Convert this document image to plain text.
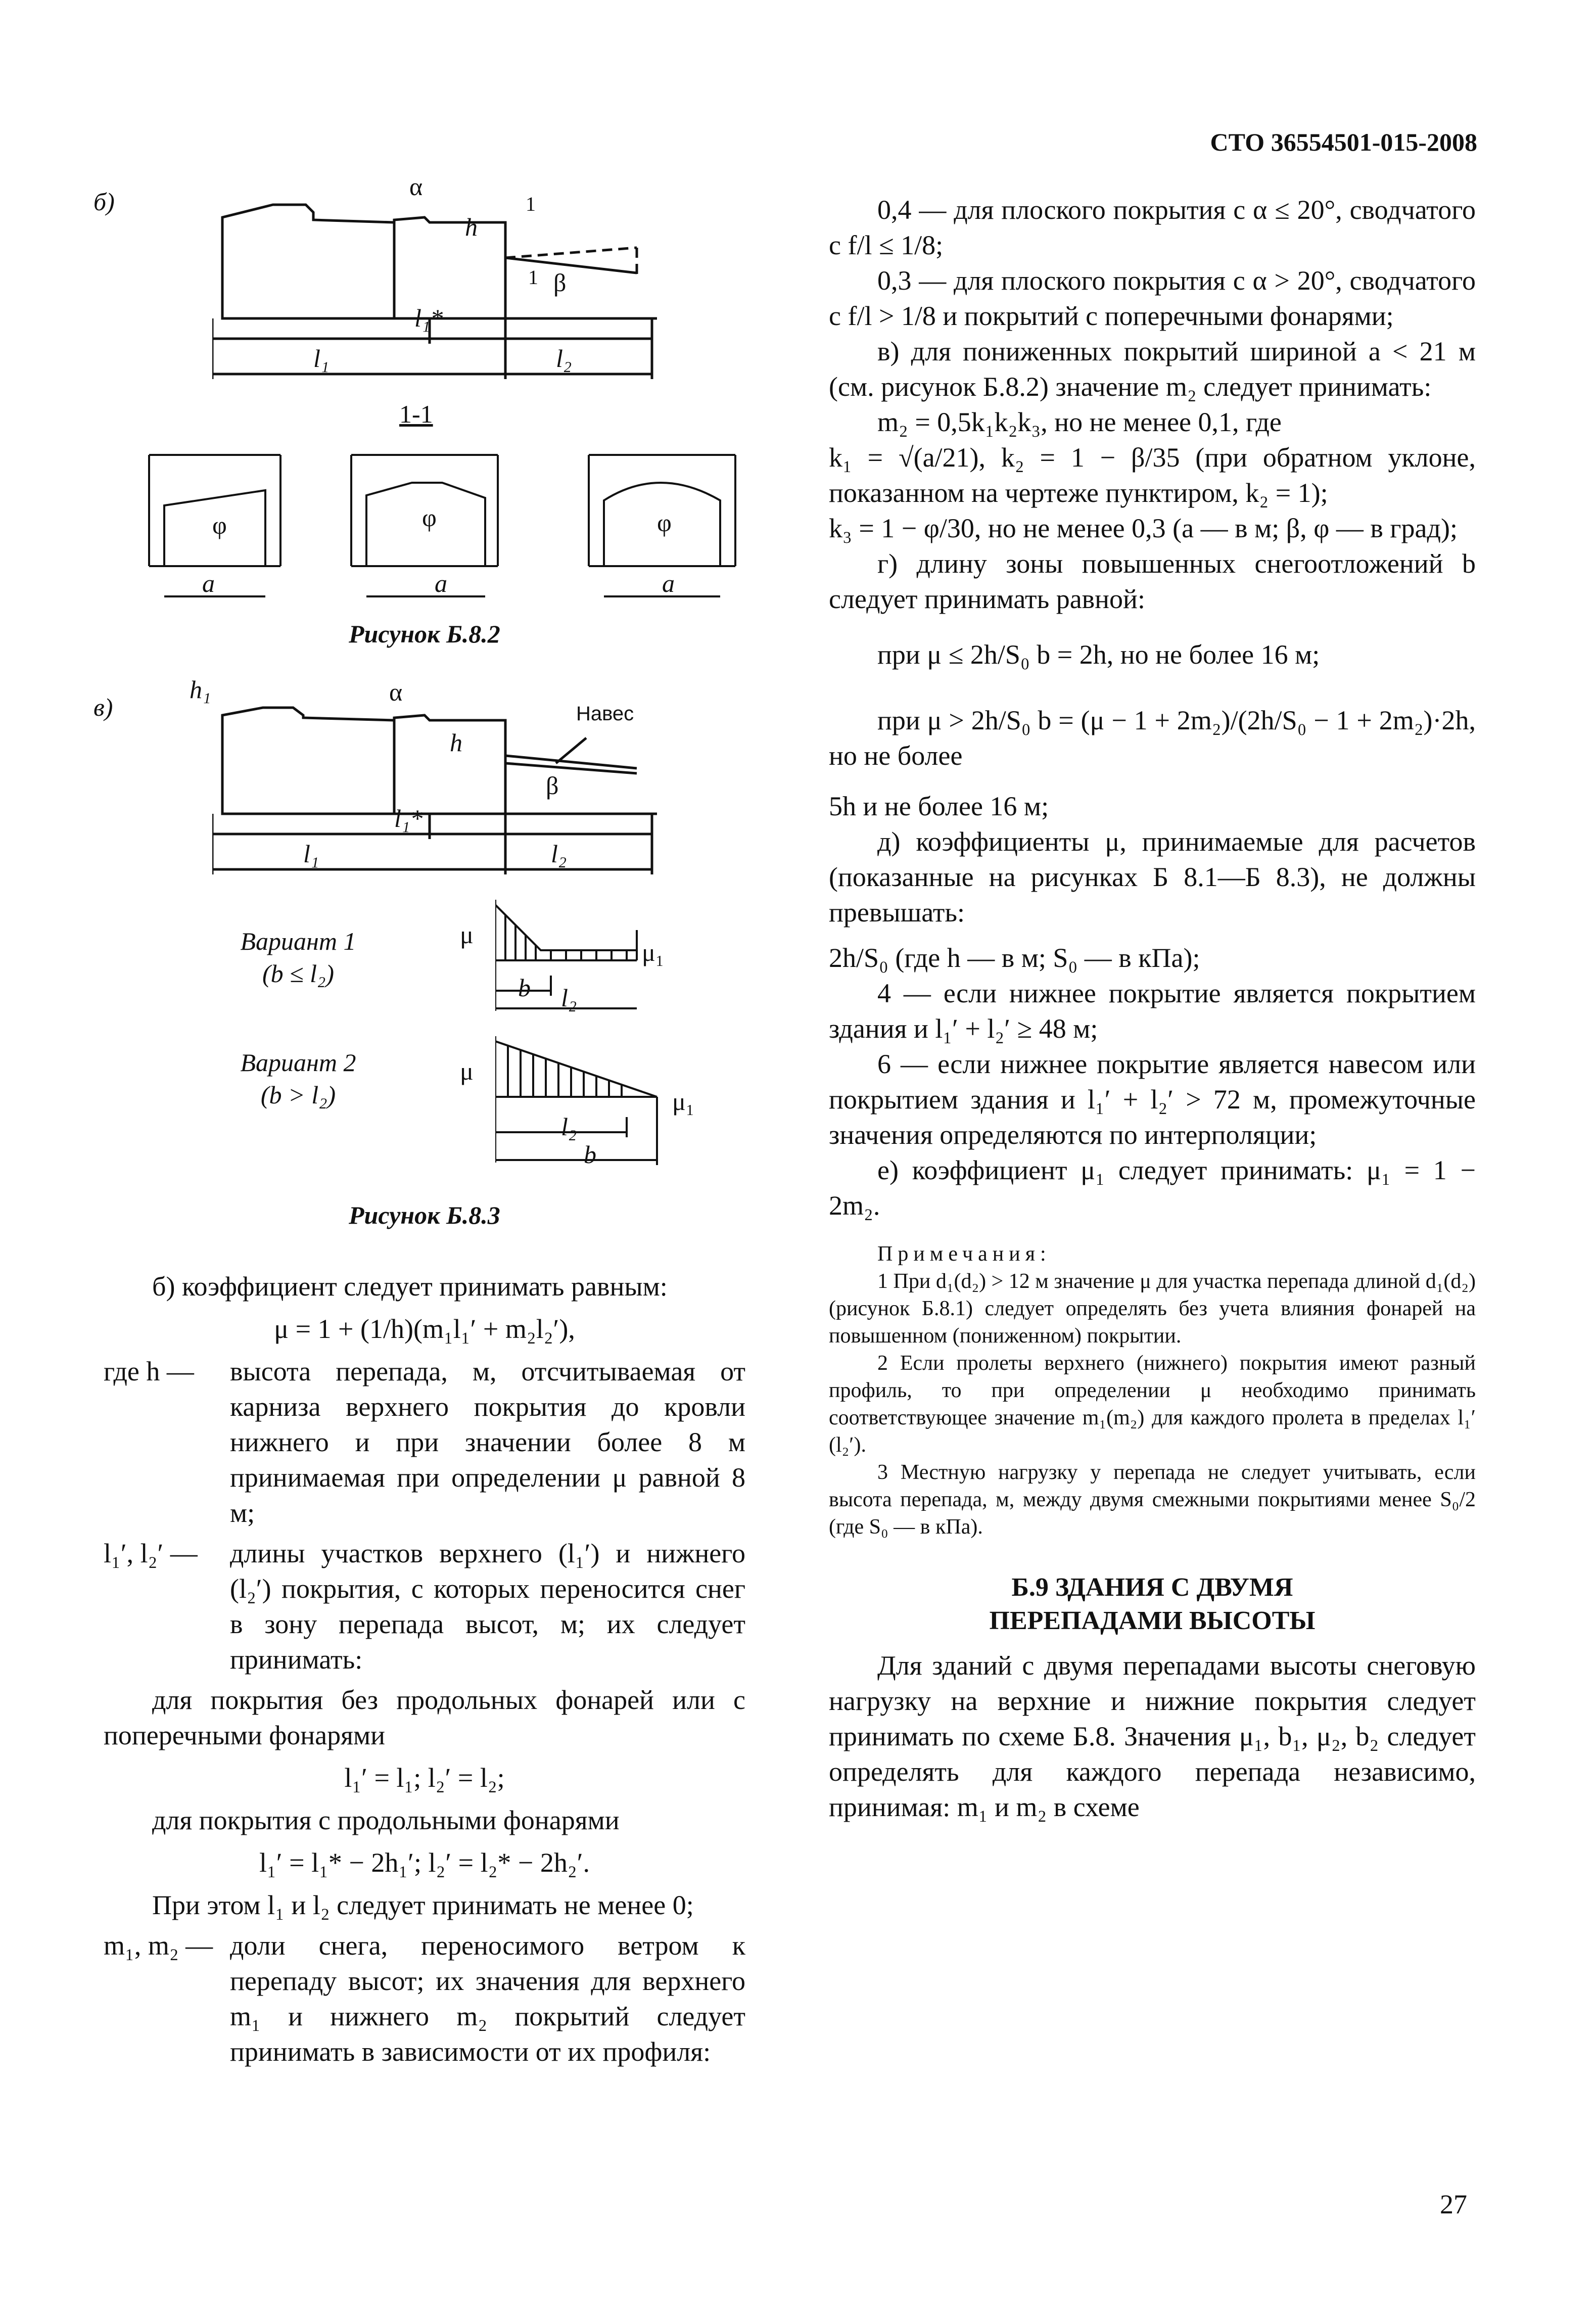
СТО 36554501-015-2008
б)
α
h
β
1
1
l₁*
l₁	l₂
1-1
φ	φ	φ
a	a	a
Рисунок Б.8.2
в)
h₁	α
h
Навес
β
l₁*
l₁	l₂
Вариант 1
(b ≤ l₂)
Вариант 2
(b > l₂)
μ
μ₁
b l₂
μ
μ₁
l₂
b
Рисунок Б.8.3

б) коэффициент следует принимать равным:

μ = 1 + (1/h)(m₁l₁′ + m₂l₂′),

где h —	высота перепада, м, отсчитываемая от карниза верхнего покрытия до кровли нижнего и при значении более 8 м принимаемая при определении μ равной 8 м;
l₁′, l₂′ —	длины участков верхнего (l₁′) и нижнего (l₂′) покрытия, с которых переносится снег в зону перепада высот, м; их следует принимать:

для покрытия без продольных фонарей или с поперечными фонарями

l₁′ = l₁; l₂′ = l₂;

для покрытия с продольными фонарями

l₁′ = l₁* − 2h₁′; l₂′ = l₂* − 2h₂′.

При этом l₁ и l₂ следует принимать не менее 0;

m₁, m₂ — доли снега, переносимого ветром к перепаду высот; их значения для верхнего m₁ и нижнего m₂ покрытий следует принимать в зависимости от их профиля:

0,4 — для плоского покрытия с α ≤ 20°, сводчатого с f/l ≤ 1/8;

0,3 — для плоского покрытия с α > 20°, сводчатого с f/l > 1/8 и покрытий с поперечными фонарями;

в) для пониженных покрытий шириной a < 21 м (см. рисунок Б.8.2) значение m₂ следует принимать:

m₂ = 0,5k₁k₂k₃, но не менее 0,1, где

k₁ = √(a/21), k₂ = 1 − β/35 (при обратном уклоне, показанном на чертеже пунктиром, k₂ = 1);

k₃ = 1 − φ/30, но не менее 0,3 (a — в м; β, φ — в град);

г) длину зоны повышенных снегоотложений b следует принимать равной:

при μ ≤ 2h/S₀ b = 2h, но не более 16 м;

при μ > 2h/S₀ b = (μ − 1 + 2m₂)/(2h/S₀ − 1 + 2m₂)·2h, но не более

5h и не более 16 м;

д) коэффициенты μ, принимаемые для расчетов (показанные на рисунках Б 8.1—Б 8.3), не должны превышать:

2h/S₀ (где h — в м; S₀ — в кПа);

4 — если нижнее покрытие является покрытием здания и l₁′ + l₂′ ≥ 48 м;

6 — если нижнее покрытие является навесом или покрытием здания и l₁′ + l₂′ > 72 м, промежуточные значения определяются по интерполяции;

е) коэффициент μ₁ следует принимать: μ₁ = 1 − 2m₂.

Примечания:

1 При d₁(d₂) > 12 м значение μ для участка перепада длиной d₁(d₂) (рисунок Б.8.1) следует определять без учета влияния фонарей на повышенном (пониженном) покрытии.

2 Если пролеты верхнего (нижнего) покрытия имеют разный профиль, то при определении μ необходимо принимать соответствующее значение m₁(m₂) для каждого пролета в пределах l₁′(l₂′).

3 Местную нагрузку у перепада не следует учитывать, если высота перепада, м, между двумя смежными покрытиями менее S₀/2 (где S₀ — в кПа).

Б.9 ЗДАНИЯ С ДВУМЯ
ПЕРЕПАДАМИ ВЫСОТЫ

Для зданий с двумя перепадами высоты снеговую нагрузку на верхние и нижние покрытия следует принимать по схеме Б.8. Значения μ₁, b₁, μ₂, b₂ следует определять для каждого перепада независимо, принимая: m₁ и m₂ в схеме

27
